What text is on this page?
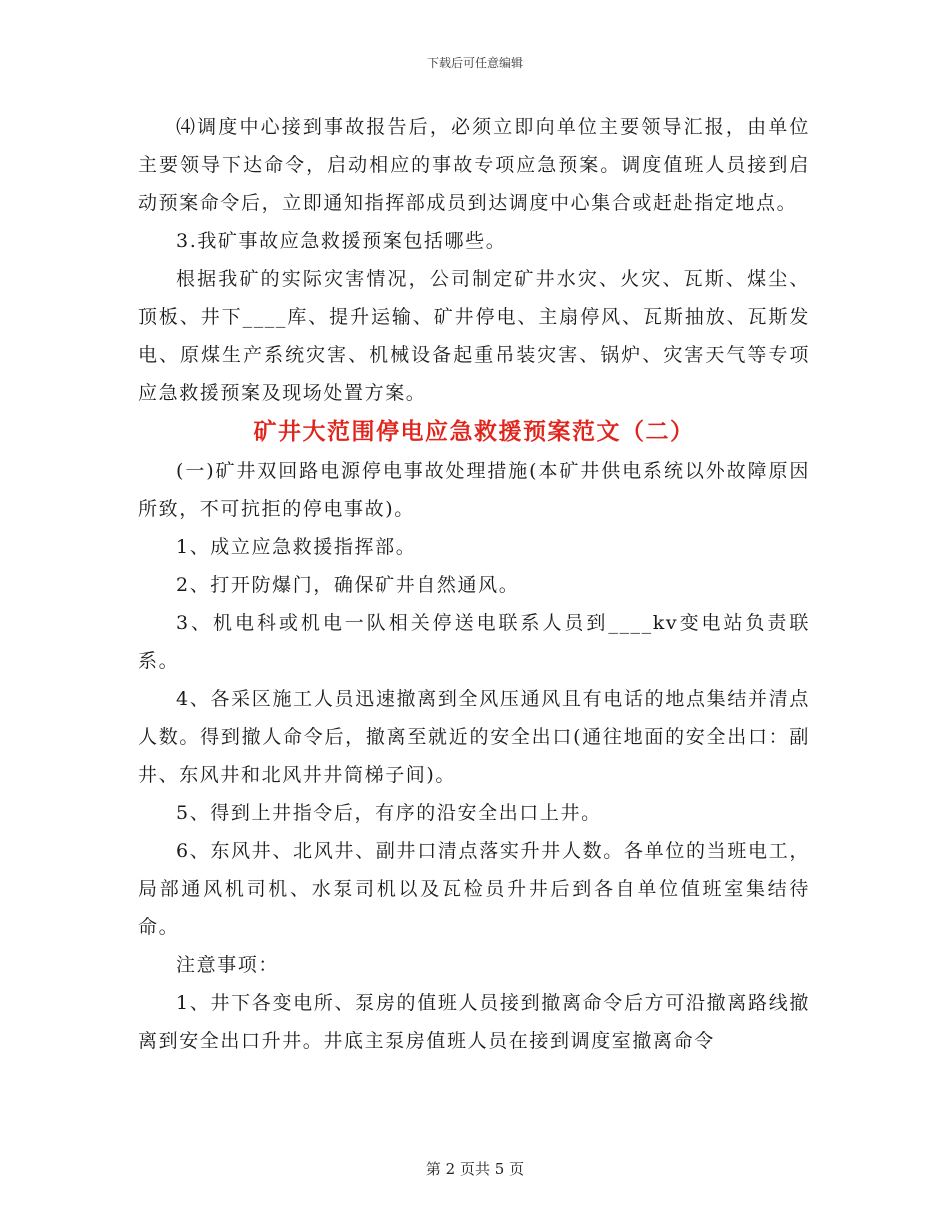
下载后可任意编辑

⑷调度中心接到事故报告后，必须立即向单位主要领导汇报，由单位主要领导下达命令，启动相应的事故专项应急预案。调度值班人员接到启动预案命令后，立即通知指挥部成员到达调度中心集合或赶赴指定地点。

3.我矿事故应急救援预案包括哪些。

根据我矿的实际灾害情况，公司制定矿井水灾、火灾、瓦斯、煤尘、顶板、井下____库、提升运输、矿井停电、主扇停风、瓦斯抽放、瓦斯发电、原煤生产系统灾害、机械设备起重吊装灾害、锅炉、灾害天气等专项应急救援预案及现场处置方案。

矿井大范围停电应急救援预案范文（二）

(一)矿井双回路电源停电事故处理措施(本矿井供电系统以外故障原因所致，不可抗拒的停电事故)。

1、成立应急救援指挥部。

2、打开防爆门，确保矿井自然通风。

3、机电科或机电一队相关停送电联系人员到____kv变电站负责联系。

4、各采区施工人员迅速撤离到全风压通风且有电话的地点集结并清点人数。得到撤人命令后，撤离至就近的安全出口(通往地面的安全出口：副井、东风井和北风井井筒梯子间)。

5、得到上井指令后，有序的沿安全出口上井。

6、东风井、北风井、副井口清点落实升井人数。各单位的当班电工，局部通风机司机、水泵司机以及瓦检员升井后到各自单位值班室集结待命。

注意事项：

1、井下各变电所、泵房的值班人员接到撤离命令后方可沿撤离路线撤离到安全出口升井。井底主泵房值班人员在接到调度室撤离命令

第 2 页共 5 页
